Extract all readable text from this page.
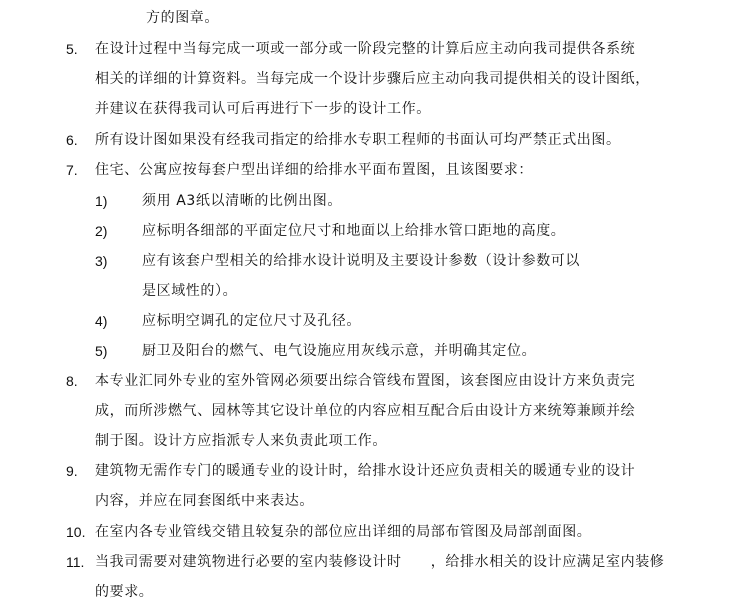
方的图章。
5.	在设计过程中当每完成一项或一部分或一阶段完整的计算后应主动向我司提供各系统
相关的详细的计算资料。当每完成一个设计步骤后应主动向我司提供相关的设计图纸，
并建议在获得我司认可后再进行下一步的设计工作。
6.	所有设计图如果没有经我司指定的给排水专职工程师的书面认可均严禁正式出图。
7.	住宅、公寓应按每套户型出详细的给排水平面布置图，且该图要求：
1)	须用 A3纸以清晰的比例出图。
2)	应标明各细部的平面定位尺寸和地面以上给排水管口距地的高度。
3)	应有该套户型相关的给排水设计说明及主要设计参数（设计参数可以
是区域性的）。
4)	应标明空调孔的定位尺寸及孔径。
5)	厨卫及阳台的燃气、电气设施应用灰线示意，并明确其定位。
8.	本专业汇同外专业的室外管网必须要出综合管线布置图，该套图应由设计方来负责完
成，而所涉燃气、园林等其它设计单位的内容应相互配合后由设计方来统筹兼顾并绘
制于图。设计方应指派专人来负责此项工作。
9.	建筑物无需作专门的暖通专业的设计时，给排水设计还应负责相关的暖通专业的设计
内容，并应在同套图纸中来表达。
10. 在室内各专业管线交错且较复杂的部位应出详细的局部布管图及局部剖面图。
11. 当我司需要对建筑物进行必要的室内装修设计时　　，给排水相关的设计应满足室内装修
的要求。
